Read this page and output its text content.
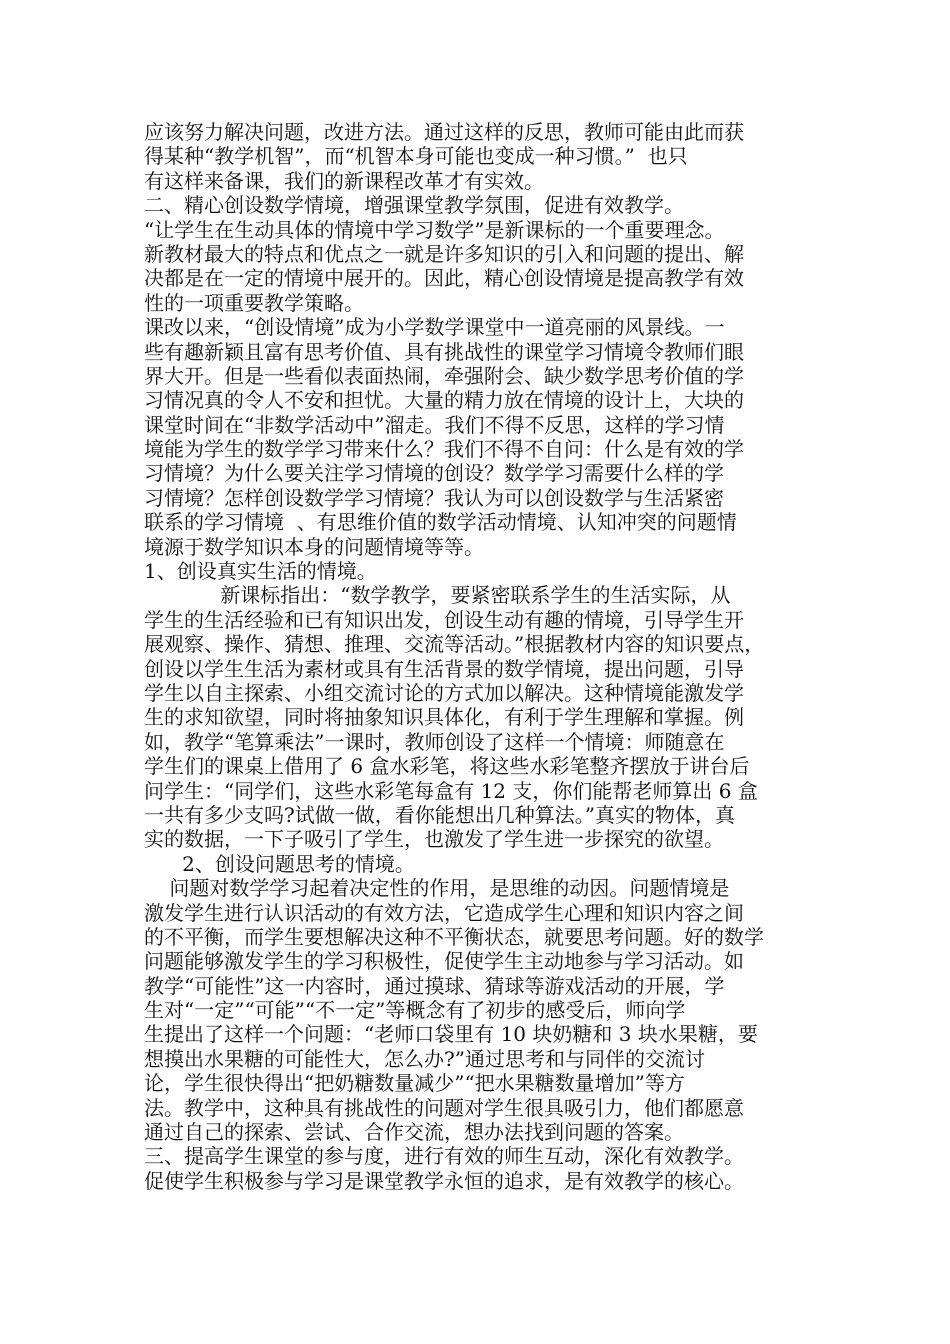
应该努力解决问题，改进方法。通过这样的反思，教师可能由此而获
得某种“教学机智”，而“机智本身可能也变成一种习惯。”  也只
有这样来备课，我们的新课程改革才有实效。
二、精心创设数学情境，增强课堂教学氛围，促进有效教学。
“让学生在生动具体的情境中学习数学”是新课标的一个重要理念。
新教材最大的特点和优点之一就是许多知识的引入和问题的提出、解
决都是在一定的情境中展开的。因此，精心创设情境是提高教学有效
性的一项重要教学策略。
课改以来，“创设情境”成为小学数学课堂中一道亮丽的风景线。一
些有趣新颖且富有思考价值、具有挑战性的课堂学习情境令教师们眼
界大开。但是一些看似表面热闹，牵强附会、缺少数学思考价值的学
习情况真的令人不安和担忧。大量的精力放在情境的设计上，大块的
课堂时间在“非数学活动中”溜走。我们不得不反思，这样的学习情
境能为学生的数学学习带来什么？我们不得不自问：什么是有效的学
习情境？为什么要关注学习情境的创设？数学学习需要什么样的学
习情境？怎样创设数学学习情境？我认为可以创设数学与生活紧密
联系的学习情境  、有思维价值的数学活动情境、认知冲突的问题情
境源于数学知识本身的问题情境等等。
1、创设真实生活的情境。
新课标指出：“数学教学，要紧密联系学生的生活实际，从
学生的生活经验和已有知识出发，创设生动有趣的情境，引导学生开
展观察、操作、猜想、推理、交流等活动。”根据教材内容的知识要点，
创设以学生生活为素材或具有生活背景的数学情境，提出问题，引导
学生以自主探索、小组交流讨论的方式加以解决。这种情境能激发学
生的求知欲望，同时将抽象知识具体化，有利于学生理解和掌握。例
如，教学“笔算乘法”一课时，教师创设了这样一个情境：师随意在
学生们的课桌上借用了 6 盒水彩笔，将这些水彩笔整齐摆放于讲台后
问学生：“同学们，这些水彩笔每盒有 12 支，你们能帮老师算出 6 盒
一共有多少支吗?试做一做，看你能想出几种算法。”真实的物体，真
实的数据，一下子吸引了学生，也激发了学生进一步探究的欲望。
2、创设问题思考的情境。
问题对数学学习起着决定性的作用，是思维的动因。问题情境是
激发学生进行认识活动的有效方法，它造成学生心理和知识内容之间
的不平衡，而学生要想解决这种不平衡状态，就要思考问题。好的数学
问题能够激发学生的学习积极性，促使学生主动地参与学习活动。如
教学“可能性”这一内容时，通过摸球、猜球等游戏活动的开展，学
生对“一定”“可能”“不一定”等概念有了初步的感受后，师向学
生提出了这样一个问题：“老师口袋里有 10 块奶糖和 3 块水果糖，要
想摸出水果糖的可能性大，怎么办?”通过思考和与同伴的交流讨
论，学生很快得出“把奶糖数量减少”“把水果糖数量增加”等方
法。教学中，这种具有挑战性的问题对学生很具吸引力，他们都愿意
通过自己的探索、尝试、合作交流，想办法找到问题的答案。
三、提高学生课堂的参与度，进行有效的师生互动，深化有效教学。
促使学生积极参与学习是课堂教学永恒的追求，是有效教学的核心。
